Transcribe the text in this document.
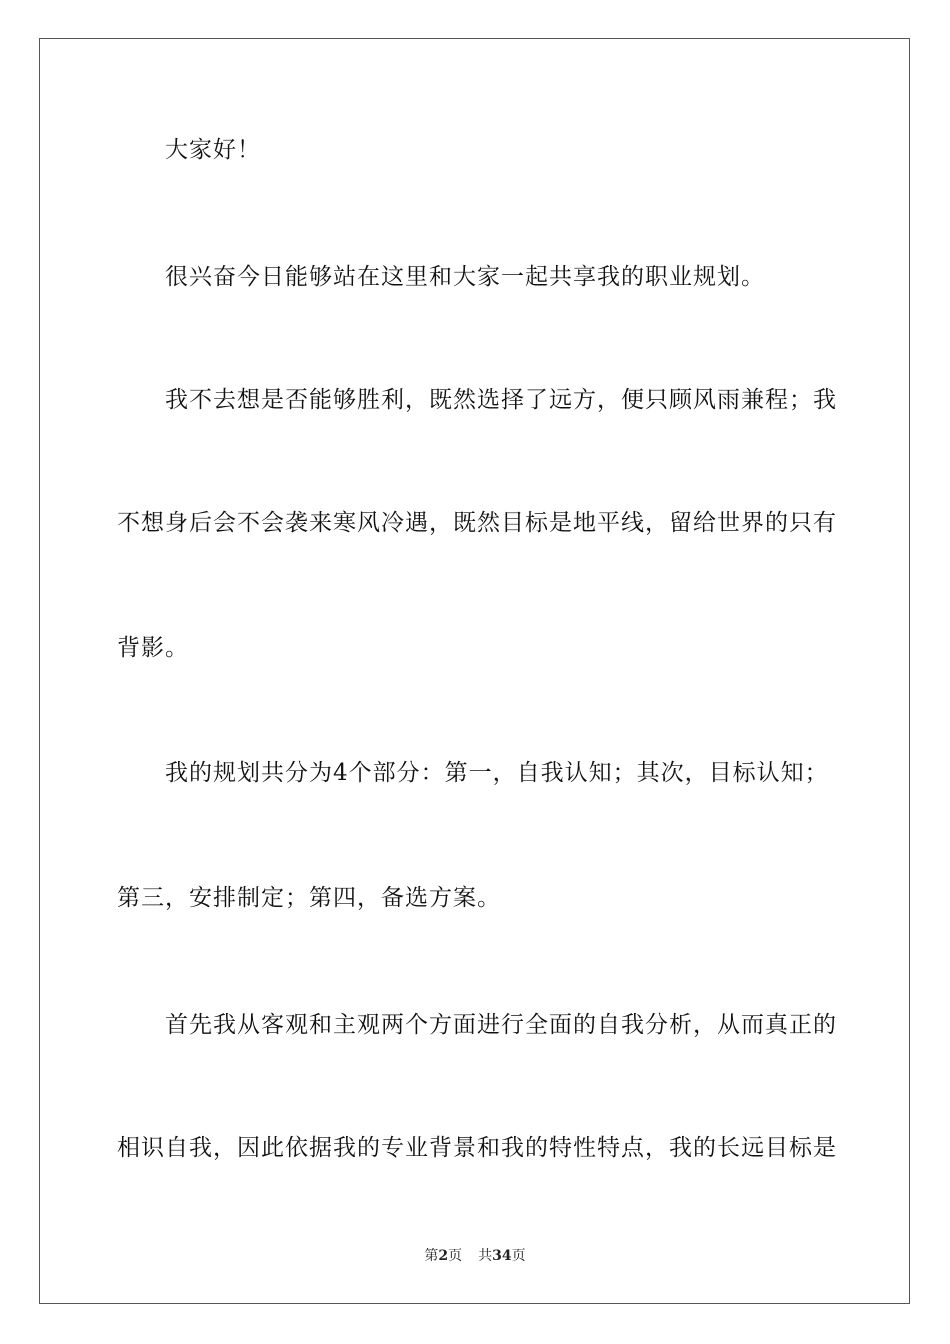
大家好！
很兴奋今日能够站在这里和大家一起共享我的职业规划。
我不去想是否能够胜利，既然选择了远方，便只顾风雨兼程；我
不想身后会不会袭来寒风冷遇，既然目标是地平线，留给世界的只有
背影。
我的规划共分为4个部分：第一，自我认知；其次，目标认知；
第三，安排制定；第四，备选方案。
首先我从客观和主观两个方面进行全面的自我分析，从而真正的
相识自我，因此依据我的专业背景和我的特性特点，我的长远目标是
第2页 共34页
